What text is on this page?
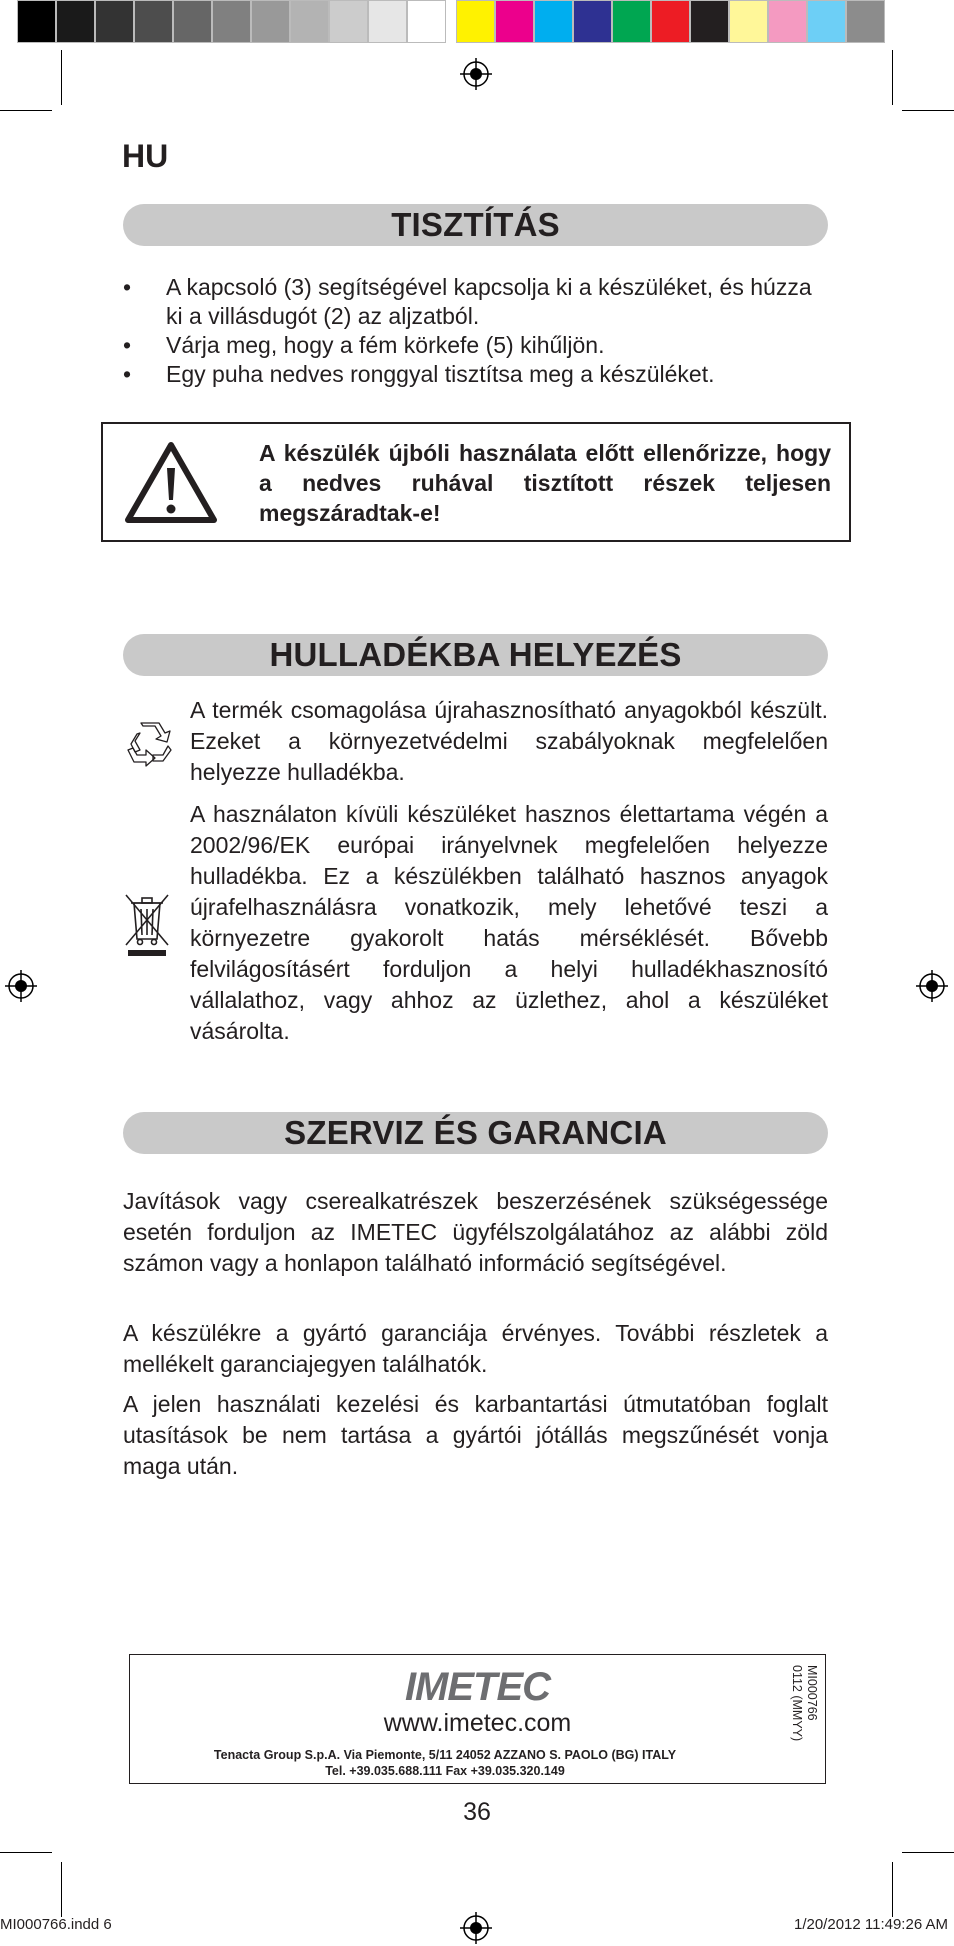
HU
TISZTÍTÁS
• A kapcsoló (3) segítségével kapcsolja ki a készüléket, és húzza ki a villásdugót (2) az aljzatból.
• Várja meg, hogy a fém körkefe (5) kihűljön.
• Egy puha nedves ronggyal tisztítsa meg a készüléket.
A készülék újbóli használata előtt ellenőrizze, hogy a nedves ruhával tisztított részek teljesen megszáradtak-e!
HULLADÉKBA HELYEZÉS

A termék csomagolása újrahasznosítható anyagokból készült. Ezeket a környezetvédelmi szabályoknak megfelelően helyezze hulladékba.

A használaton kívüli készüléket hasznos élettartama végén a 2002/96/EK európai irányelvnek megfelelően helyezze hulladékba. Ez a készülékben található hasznos anyagok újrafelhasználásra vonatkozik, mely lehetővé teszi a környezetre gyakorolt hatás mérséklését. Bővebb felvilágosításért forduljon a helyi hulladékhasznosító vállalathoz, vagy ahhoz az üzlethez, ahol a készüléket vásárolta.

SZERVIZ ÉS GARANCIA

Javítások vagy cserealkatrészek beszerzésének szükségessége esetén forduljon az IMETEC ügyfélszolgálatához az alábbi zöld számon vagy a honlapon található információ segítségével.

A készülékre a gyártó garanciája érvényes. További részletek a mellékelt garanciajegyen találhatók.

A jelen használati kezelési és karbantartási útmutatóban foglalt utasítások be nem tartása a gyártói jótállás megszűnését vonja maga után.

IMETEC
www.imetec.com
Tenacta Group S.p.A. Via Piemonte, 5/11 24052 AZZANO S. PAOLO (BG) ITALY
Tel. +39.035.688.111 Fax +39.035.320.149
MI000766
0112 (MMYY)
36
MI000766.indd 6	1/20/2012 11:49:26 AM
